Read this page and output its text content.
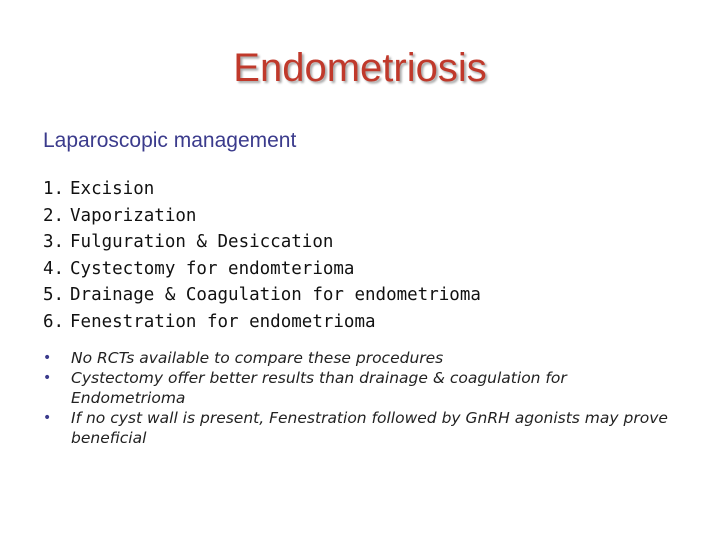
Endometriosis
Laparoscopic management
1. Excision
2. Vaporization
3. Fulguration & Desiccation
4. Cystectomy for endomterioma
5. Drainage & Coagulation for endometrioma
6. Fenestration for endometrioma
• No RCTs available to compare these procedures
• Cystectomy offer better results than drainage & coagulation for Endometrioma
• If no cyst wall is present, Fenestration followed by GnRH agonists may prove beneficial
